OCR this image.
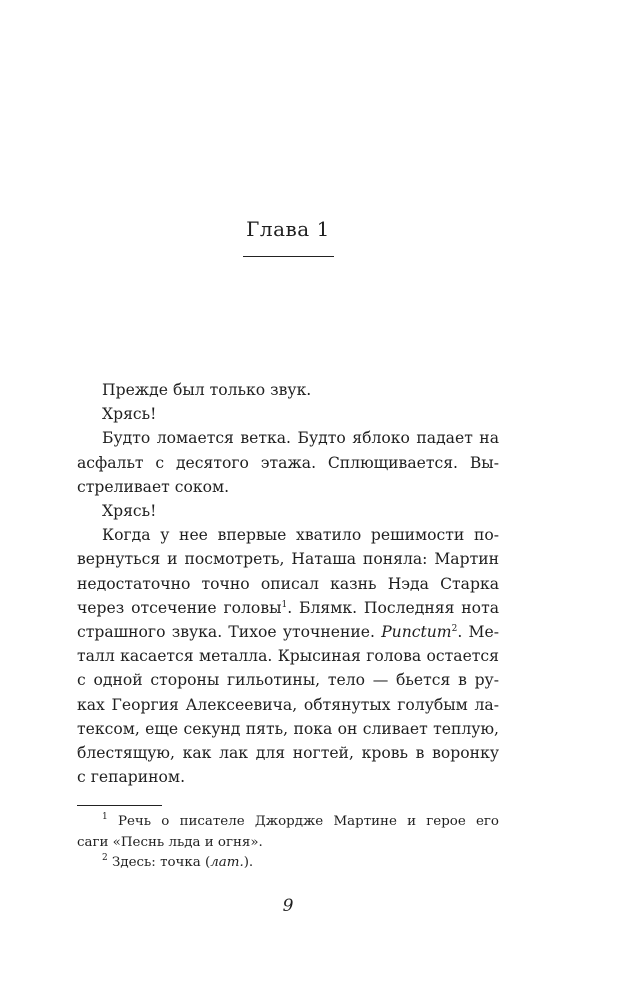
Глава 1
Прежде был только звук.
Хрясь!
Будто ломается ветка. Будто яблоко падает на
асфальт с десятого этажа. Сплющивается. Вы-
стреливает соком.
Хрясь!
Когда у нее впервые хватило решимости по-
вернуться и посмотреть, Наташа поняла: Мартин
недостаточно точно описал казнь Нэда Старка
через отсечение головы$^1$. Блямк. Последняя нота
страшного звука. Тихое уточнение. Punctum$^2$. Ме-
талл касается металла. Крысиная голова остается
с одной стороны гильотины, тело — бьется в ру-
ках Георгия Алексеевича, обтянутых голубым ла-
тексом, еще секунд пять, пока он сливает теплую,
блестящую, как лак для ногтей, кровь в воронку
с гепарином.
$^1$ Речь о писателе Джордже Мартине и герое его
саги «Песнь льда и огня».
$^2$ Здесь: точка (лат.).
9
